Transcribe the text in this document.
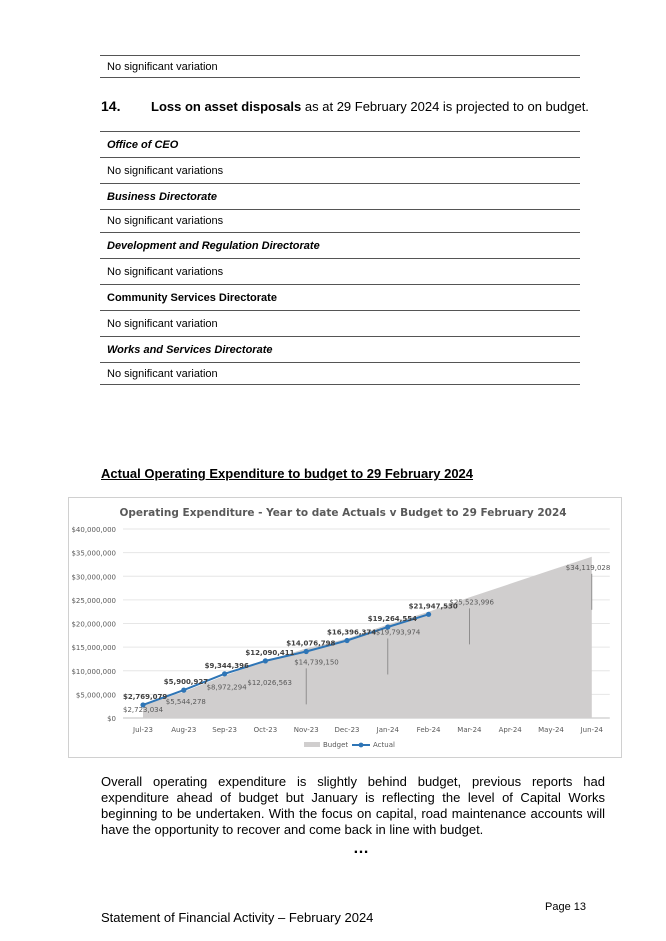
No significant variation
14. Loss on asset disposals as at 29 February 2024 is projected to on budget.
Office of CEO
No significant variations
Business Directorate
No significant variations
Development and Regulation Directorate
No significant variations
Community Services Directorate
No significant variation
Works and Services Directorate
No significant variation
Actual Operating Expenditure to budget to 29 February 2024
Operating Expenditure - Year to date Actuals v Budget to 29 February 2024
$2,723,034
$5,544,278
$8,972,294
$12,026,563
$14,739,150
$19,793,974
$25,523,996
$34,119,028
$2,769,079
$5,900,927
$9,344,396
$12,090,411
$14,076,798
$16,396,374
$19,264,554
$21,947,530
$0
$5,000,000
$10,000,000
$15,000,000
$20,000,000
$25,000,000
$30,000,000
$35,000,000
$40,000,000
Jul-23	Aug-23 Sep-23 Oct-23 Nov-23 Dec-23 Jan-24	Feb-24 Mar-24 Apr-24 May-24 Jun-24
Budget	Actual
Overall operating expenditure is slightly behind budget, previous reports had expenditure ahead of budget but January is reflecting the level of Capital Works beginning to be undertaken. With the focus on capital, road maintenance accounts will have the opportunity to recover and come back in line with budget.
…
Page 13
Statement of Financial Activity – February 2024
